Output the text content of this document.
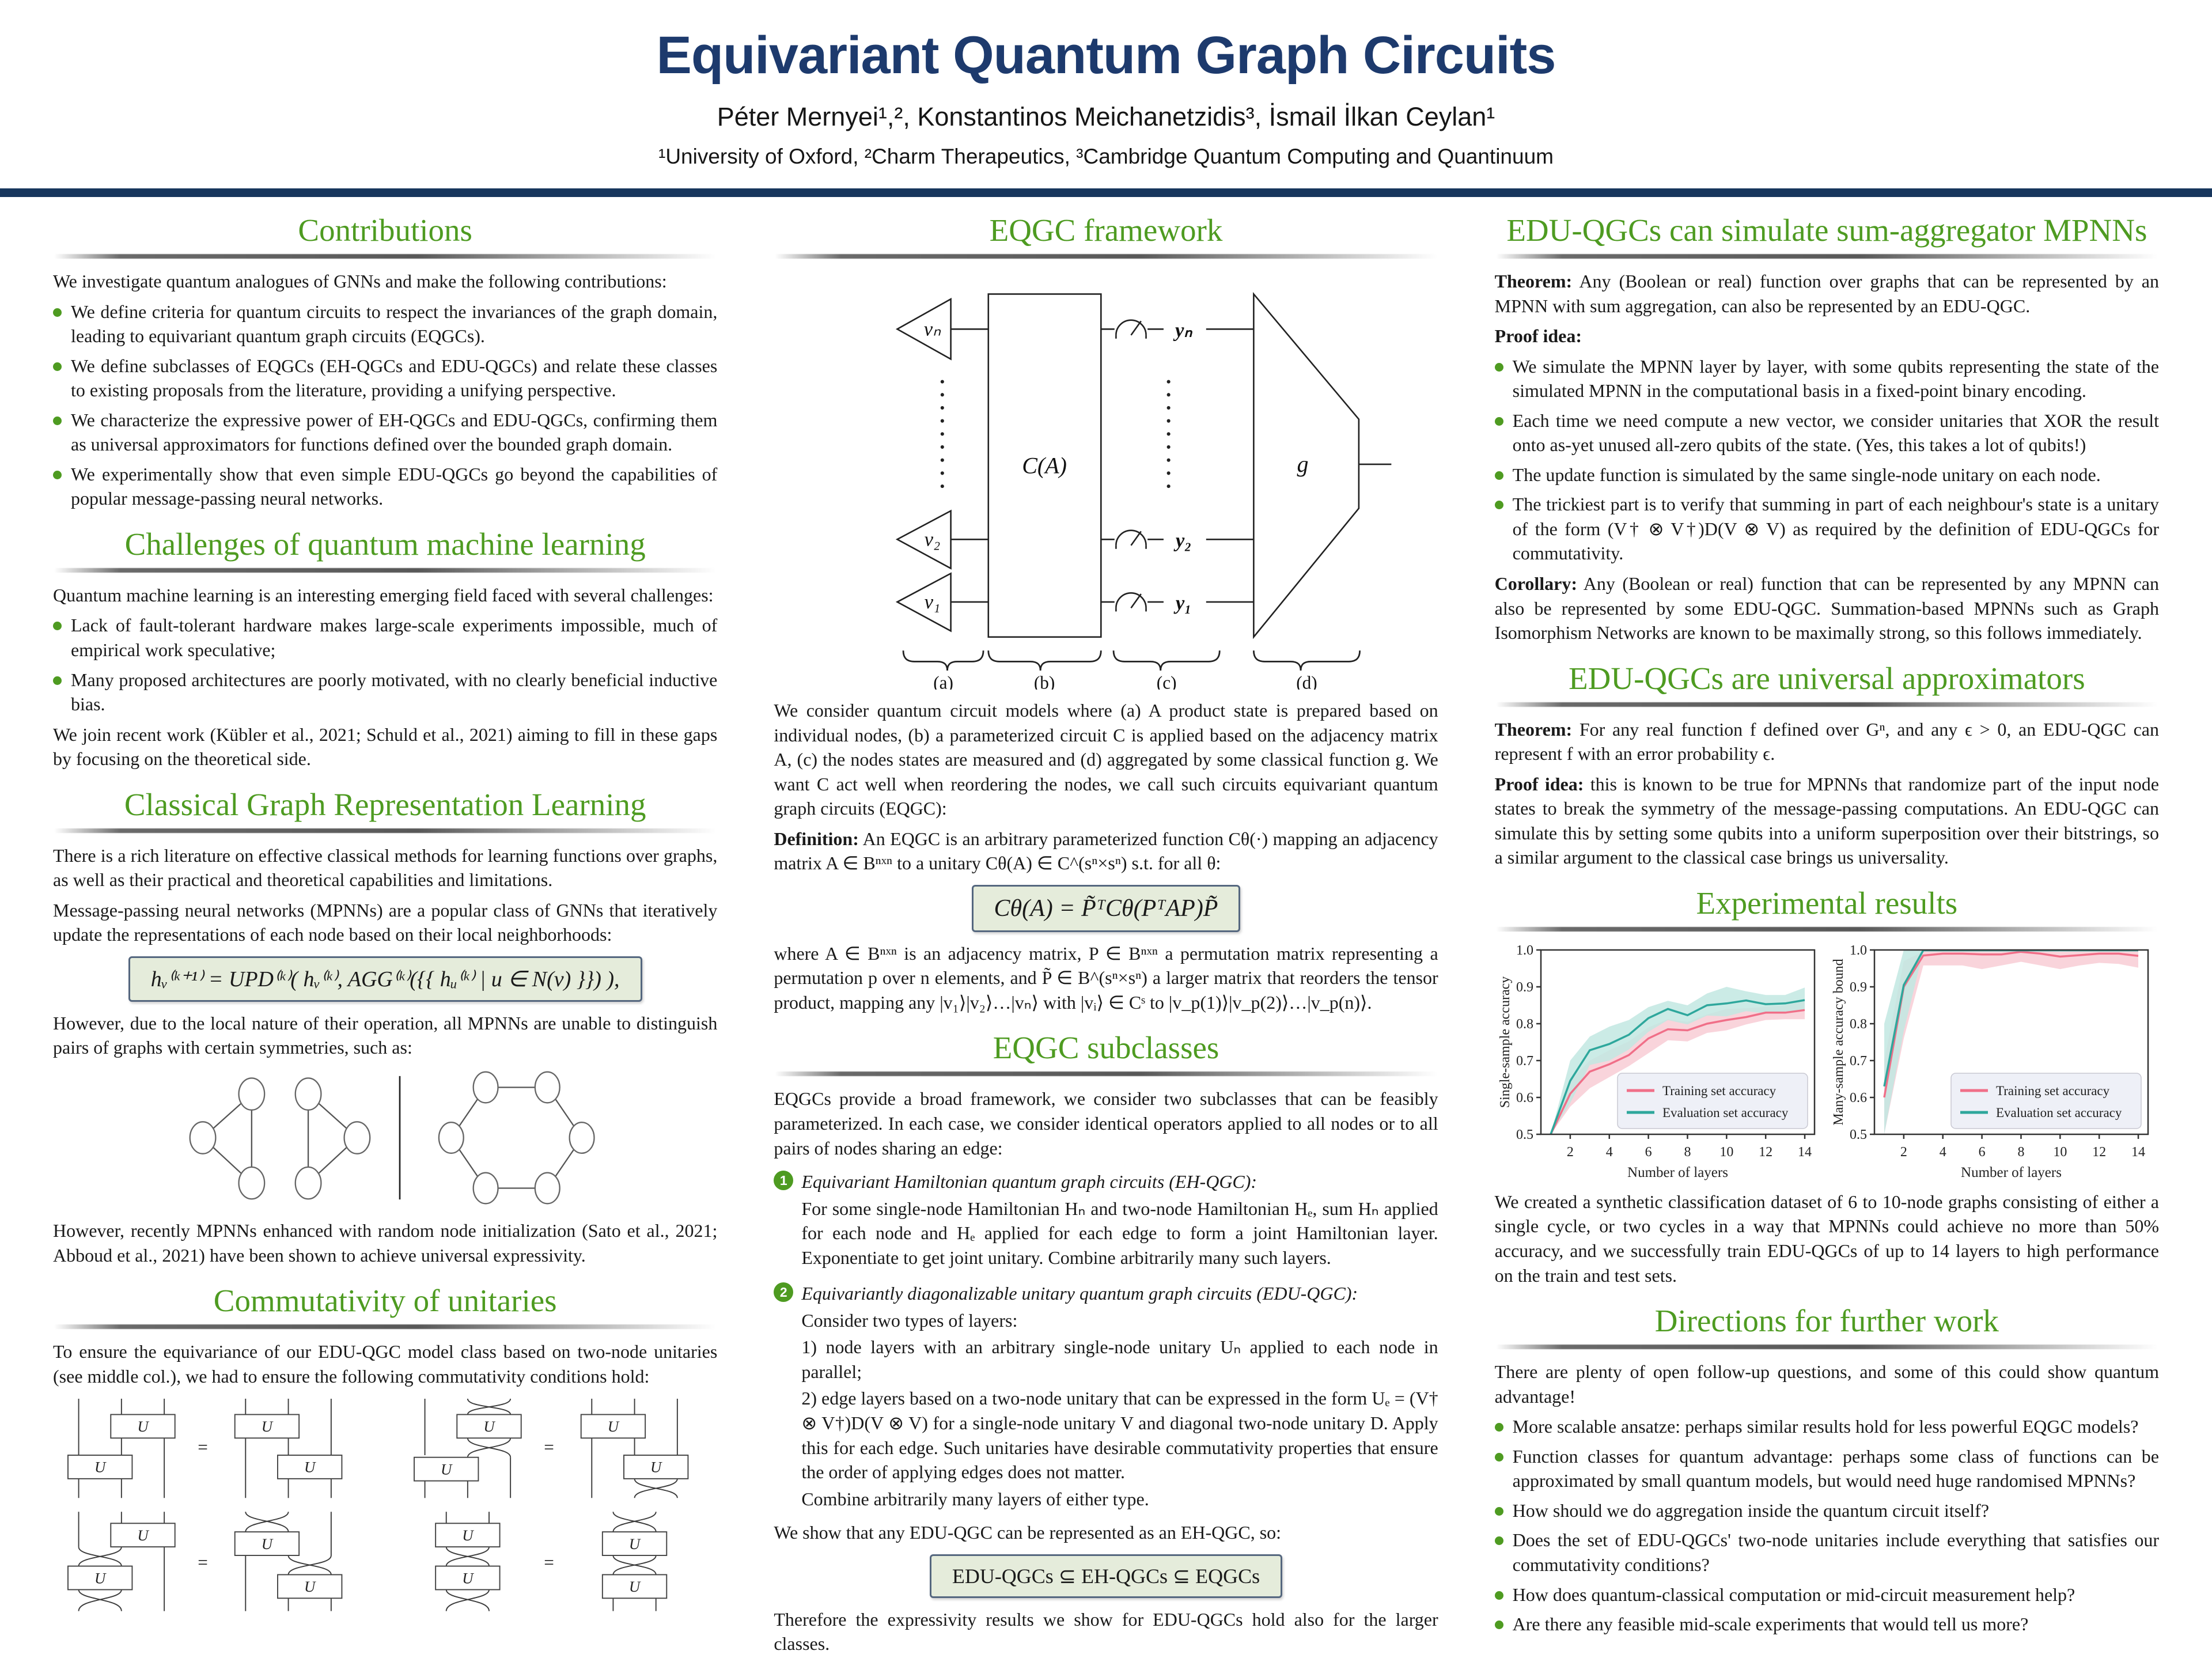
Equivariant Quantum Graph Circuits
Péter Mernyei¹,², Konstantinos Meichanetzidis³, İsmail İlkan Ceylan¹
¹University of Oxford, ²Charm Therapeutics, ³Cambridge Quantum Computing and Quantinuum
Contributions

We investigate quantum analogues of GNNs and make the following contributions:

We define criteria for quantum circuits to respect the invariances of the graph domain, leading to equivariant quantum graph circuits (EQGCs).
We define subclasses of EQGCs (EH-QGCs and EDU-QGCs) and relate these classes to existing proposals from the literature, providing a unifying perspective.
We characterize the expressive power of EH-QGCs and EDU-QGCs, confirming them as universal approximators for functions defined over the bounded graph domain.
We experimentally show that even simple EDU-QGCs go beyond the capabilities of popular message-passing neural networks.
Challenges of quantum machine learning

Quantum machine learning is an interesting emerging field faced with several challenges:

Lack of fault-tolerant hardware makes large-scale experiments impossible, much of empirical work speculative;
Many proposed architectures are poorly motivated, with no clearly beneficial inductive bias.

We join recent work (Kübler et al., 2021; Schuld et al., 2021) aiming to fill in these gaps by focusing on the theoretical side.

Classical Graph Representation Learning

There is a rich literature on effective classical methods for learning functions over graphs, as well as their practical and theoretical capabilities and limitations.

Message-passing neural networks (MPNNs) are a popular class of GNNs that iteratively update the representations of each node based on their local neighborhoods:

hᵥ⁽ᵏ⁺¹⁾ = UPD⁽ᵏ⁾( hᵥ⁽ᵏ⁾, AGG⁽ᵏ⁾({{ hᵤ⁽ᵏ⁾ | u ∈ N(v) }}) ),

However, due to the local nature of their operation, all MPNNs are unable to distinguish pairs of graphs with certain symmetries, such as:

However, recently MPNNs enhanced with random node initialization (Sato et al., 2021; Abboud et al., 2021) have been shown to achieve universal expressivity.

Commutativity of unitaries

To ensure the equivariance of our EDU-QGC model class based on two-node unitaries (see middle col.), we had to ensure the following commutativity conditions hold:

U
U
U
U
=
U
U
U
U
=
U
U
U
U
=
U
U
U
U
=
EQGC framework
vₙ
v₂
v₁
C(A)
yₙ
y₂
y₁
g
(a)	(b)	(c)	(d)

We consider quantum circuit models where (a) A product state is prepared based on individual nodes, (b) a parameterized circuit C is applied based on the adjacency matrix A, (c) the nodes states are measured and (d) aggregated by some classical function g. We want C act well when reordering the nodes, we call such circuits equivariant quantum graph circuits (EQGC):

Definition: An EQGC is an arbitrary parameterized function Cθ(·) mapping an adjacency matrix A ∈ Bⁿˣⁿ to a unitary Cθ(A) ∈ C^(sⁿ×sⁿ) s.t. for all θ:

Cθ(A) = P̃ᵀCθ(PᵀAP)P̃

where A ∈ Bⁿˣⁿ is an adjacency matrix, P ∈ Bⁿˣⁿ a permutation matrix representing a permutation p over n elements, and P̃ ∈ B^(sⁿ×sⁿ) a larger matrix that reorders the tensor product, mapping any |v₁⟩|v₂⟩…|vₙ⟩ with |vᵢ⟩ ∈ Cˢ to |v_p(1)⟩|v_p(2)⟩…|v_p(n)⟩.

EQGC subclasses

EQGCs provide a broad framework, we consider two subclasses that can be feasibly parameterized. In each case, we consider identical operators applied to all nodes or to all pairs of nodes sharing an edge:

1 Equivariant Hamiltonian quantum graph circuits (EH-QGC):

For some single-node Hamiltonian Hₙ and two-node Hamiltonian Hₑ, sum Hₙ applied for each node and Hₑ applied for each edge to form a joint Hamiltonian layer. Exponentiate to get joint unitary. Combine arbitrarily many such layers.

2 Equivariantly diagonalizable unitary quantum graph circuits (EDU-QGC):

Consider two types of layers:

1) node layers with an arbitrary single-node unitary Uₙ applied to each node in parallel;

2) edge layers based on a two-node unitary that can be expressed in the form Uₑ = (V† ⊗ V†)D(V ⊗ V) for a single-node unitary V and diagonal two-node unitary D. Apply this for each edge. Such unitaries have desirable commutativity properties that ensure the order of applying edges does not matter.

Combine arbitrarily many layers of either type.

We show that any EDU-QGC can be represented as an EH-QGC, so:

EDU-QGCs ⊆ EH-QGCs ⊆ EQGCs

Therefore the expressivity results we show for EDU-QGCs hold also for the larger classes.

EDU-QGCs can simulate sum-aggregator MPNNs

Theorem: Any (Boolean or real) function over graphs that can be represented by an MPNN with sum aggregation, can also be represented by an EDU-QGC.

Proof idea:

We simulate the MPNN layer by layer, with some qubits representing the state of the simulated MPNN in the computational basis in a fixed-point binary encoding.
Each time we need compute a new vector, we consider unitaries that XOR the result onto as-yet unused all-zero qubits of the state. (Yes, this takes a lot of qubits!)
The update function is simulated by the same single-node unitary on each node.
The trickiest part is to verify that summing in part of each neighbour's state is a unitary of the form (V† ⊗ V†)D(V ⊗ V) as required by the definition of EDU-QGCs for commutativity.

Corollary: Any (Boolean or real) function that can be represented by any MPNN can also be represented by some EDU-QGC. Summation-based MPNNs such as Graph Isomorphism Networks are known to be maximally strong, so this follows immediately.

EDU-QGCs are universal approximators

Theorem: For any real function f defined over Gⁿ, and any ϵ > 0, an EDU-QGC can represent f with an error probability ϵ.

Proof idea: this is known to be true for MPNNs that randomize part of the input node states to break the symmetry of the message-passing computations. An EDU-QGC can simulate this by setting some qubits into a uniform superposition over their bitstrings, so a similar argument to the classical case brings us universality.

Experimental results
0.5
0.6
0.7
0.8
0.9
1.0
2 4 6 8 10 12 14
Number of layers
Single-sample accuracy	Training set accuracy
Evaluation set accuracy
0.5
0.6
0.7
0.8
0.9
1.0
2 4 6 8 10 12 14
Number of layers
Many-sample accuracy bound	Training set accuracy
Evaluation set accuracy

We created a synthetic classification dataset of 6 to 10-node graphs consisting of either a single cycle, or two cycles in a way that MPNNs could achieve no more than 50% accuracy, and we successfully train EDU-QGCs of up to 14 layers to high performance on the train and test sets.

Directions for further work

There are plenty of open follow-up questions, and some of this could show quantum advantage!

More scalable ansatze: perhaps similar results hold for less powerful EQGC models?
Function classes for quantum advantage: perhaps some class of functions can be approximated by small quantum models, but would need huge randomised MPNNs?
How should we do aggregation inside the quantum circuit itself?
Does the set of EDU-QGCs' two-node unitaries include everything that satisfies our commutativity conditions?
How does quantum-classical computation or mid-circuit measurement help?
Are there any feasible mid-scale experiments that would tell us more?
